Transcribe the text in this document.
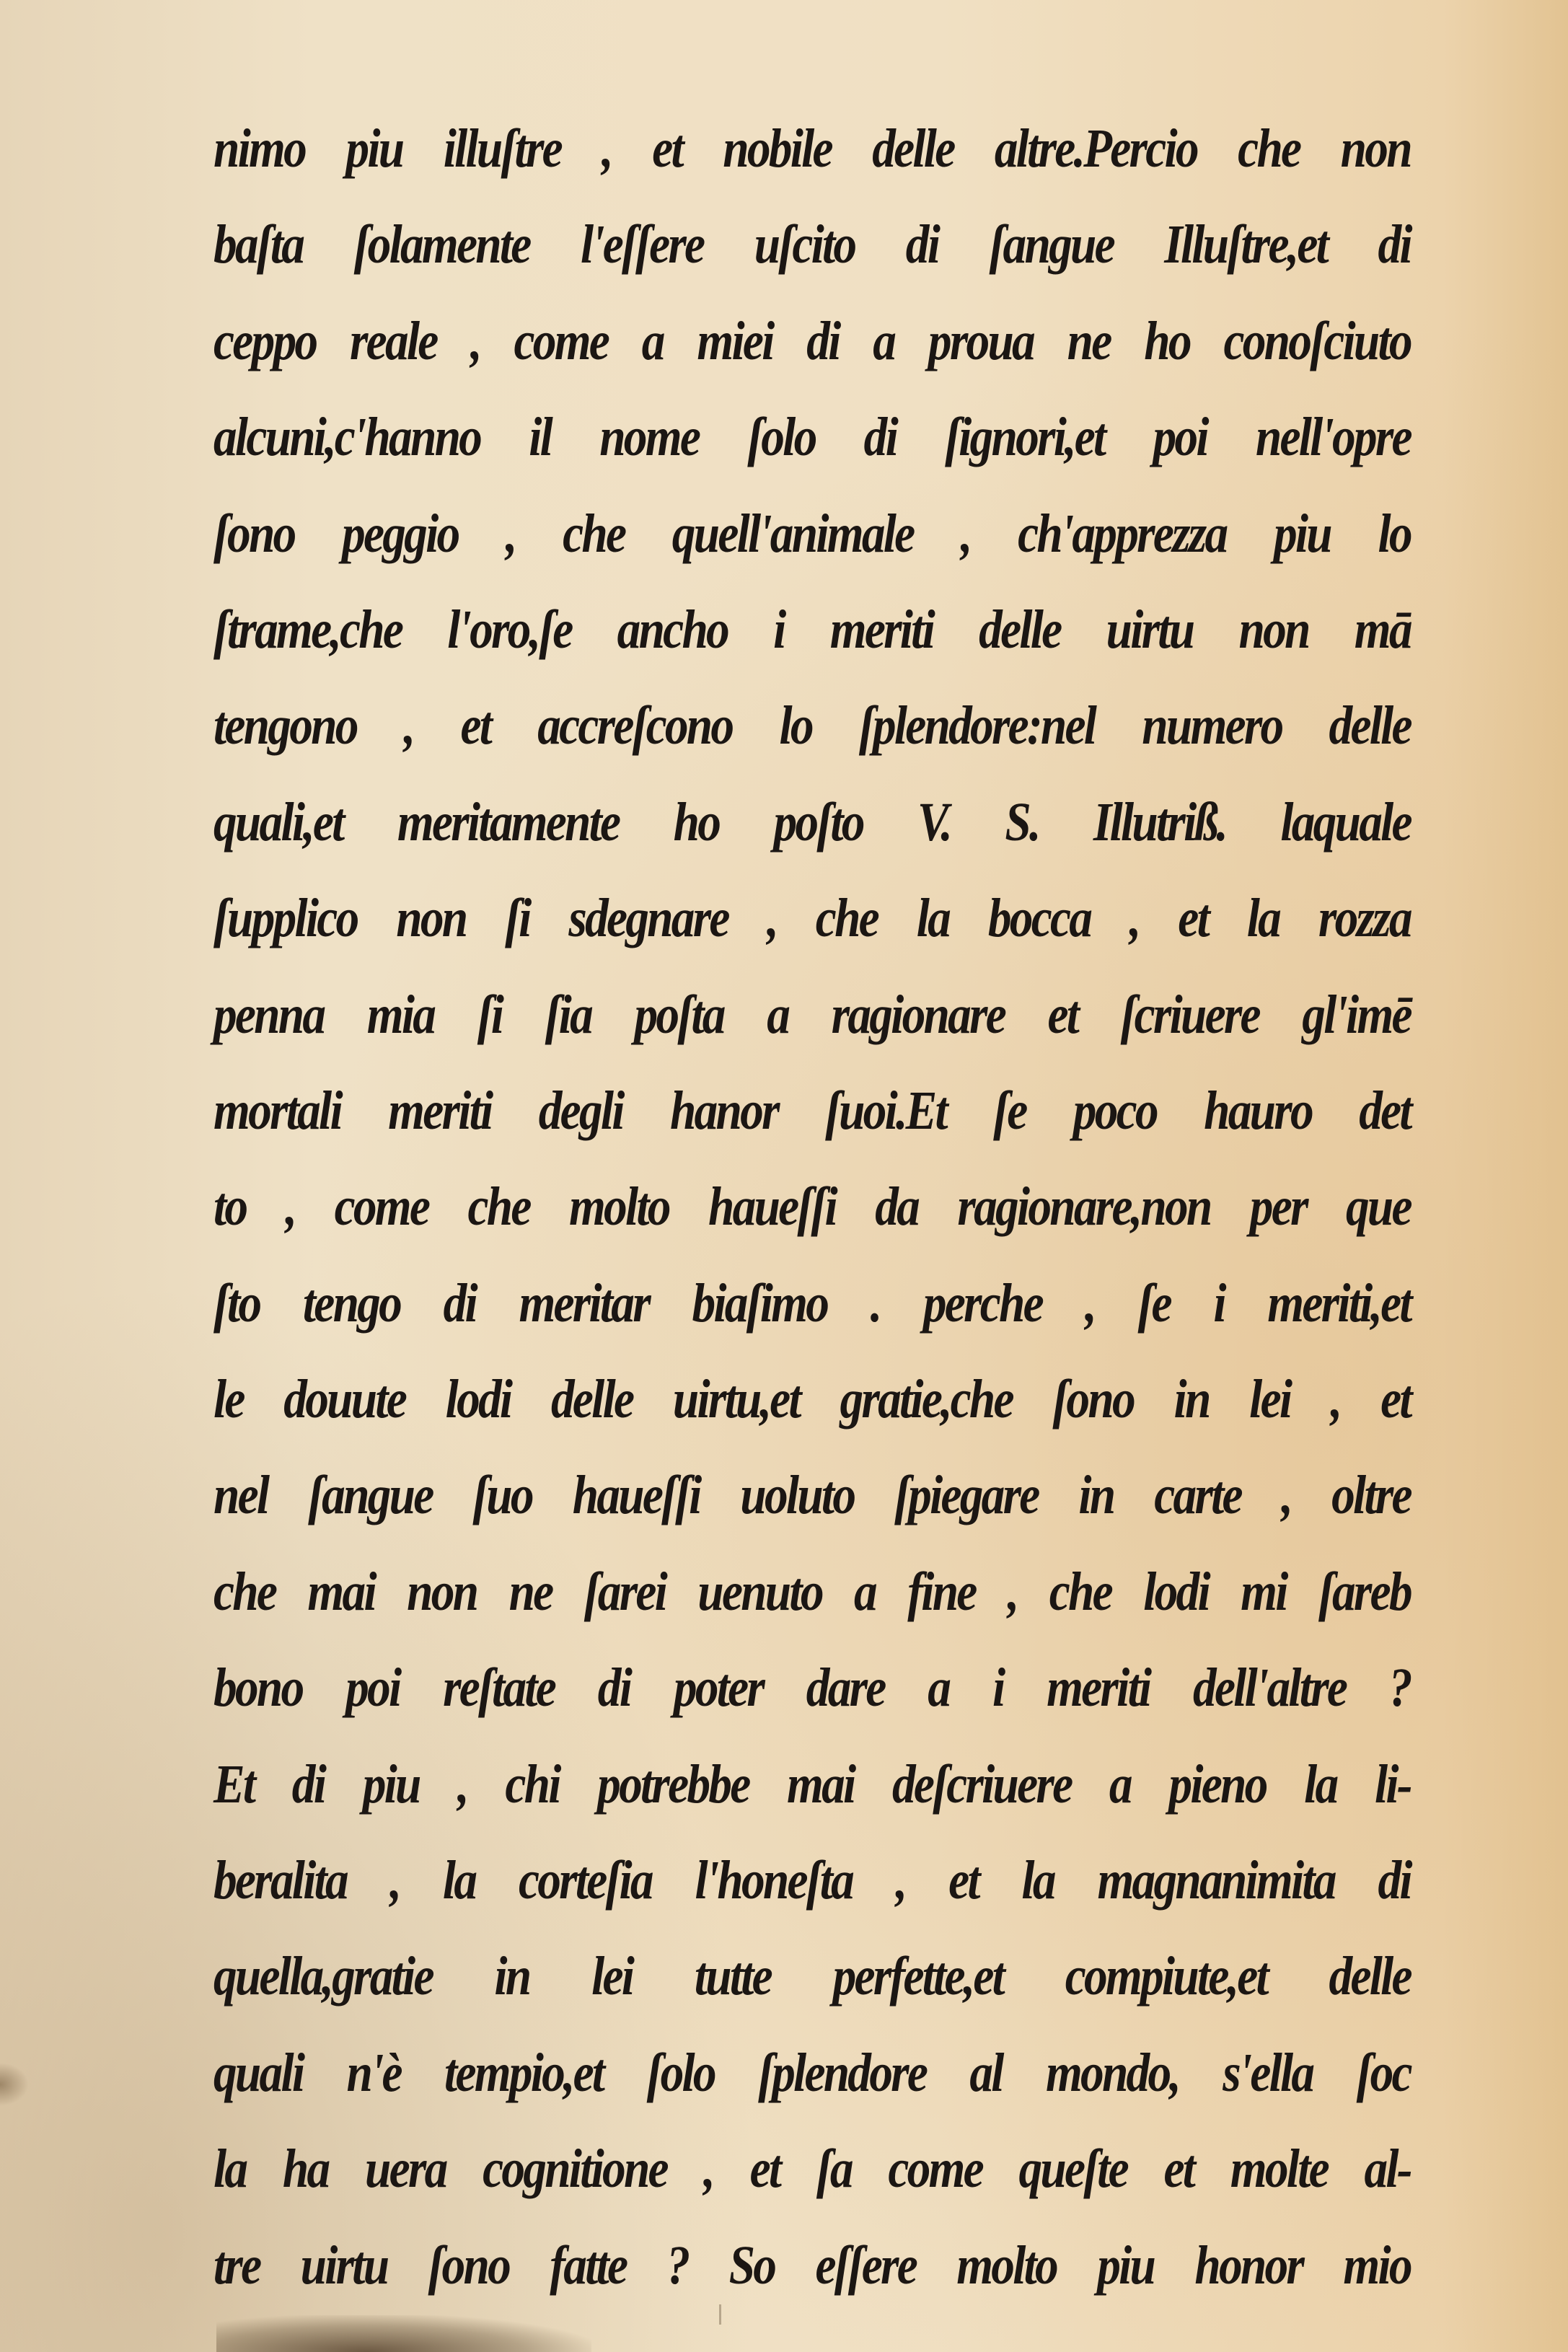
nimo piu illuſtre , et nobile delle altre.Percio che non
baſta ſolamente l'eſſere uſcito di ſangue Illuſtre,et di
ceppo reale , come a miei di a proua ne ho conoſciuto
alcuni,c'hanno il nome ſolo di ſignori,et poi nell'opre
ſono peggio , che quell'animale , ch'apprezza piu lo
ſtrame,che l'oro,ſe ancho i meriti delle uirtu non mā
tengono , et accreſcono lo ſplendore:nel numero delle
quali,et meritamente ho poſto V. S. Illutriß. laquale
ſupplico non ſi sdegnare , che la bocca , et la rozza
penna mia ſi ſia poſta a ragionare et ſcriuere gl'imē
mortali meriti degli hanor ſuoi.Et ſe poco hauro det
to , come che molto haueſſi da ragionare,non per que
ſto tengo di meritar biaſimo . perche , ſe i meriti,et
le douute lodi delle uirtu,et gratie,che ſono in lei , et
nel ſangue ſuo haueſſi uoluto ſpiegare in carte , oltre
che mai non ne ſarei uenuto a fine , che lodi mi ſareb
bono poi reſtate di poter dare a i meriti dell'altre ?
Et di piu , chi potrebbe mai deſcriuere a pieno la li-
beralita , la corteſia l'honeſta , et la magnanimita di
quella,gratie in lei tutte perfette,et compiute,et delle
quali n'è tempio,et ſolo ſplendore al mondo, s'ella ſoc
la ha uera cognitione , et ſa come queſte et molte al-
tre uirtu ſono fatte ? So eſſere molto piu honor mio
